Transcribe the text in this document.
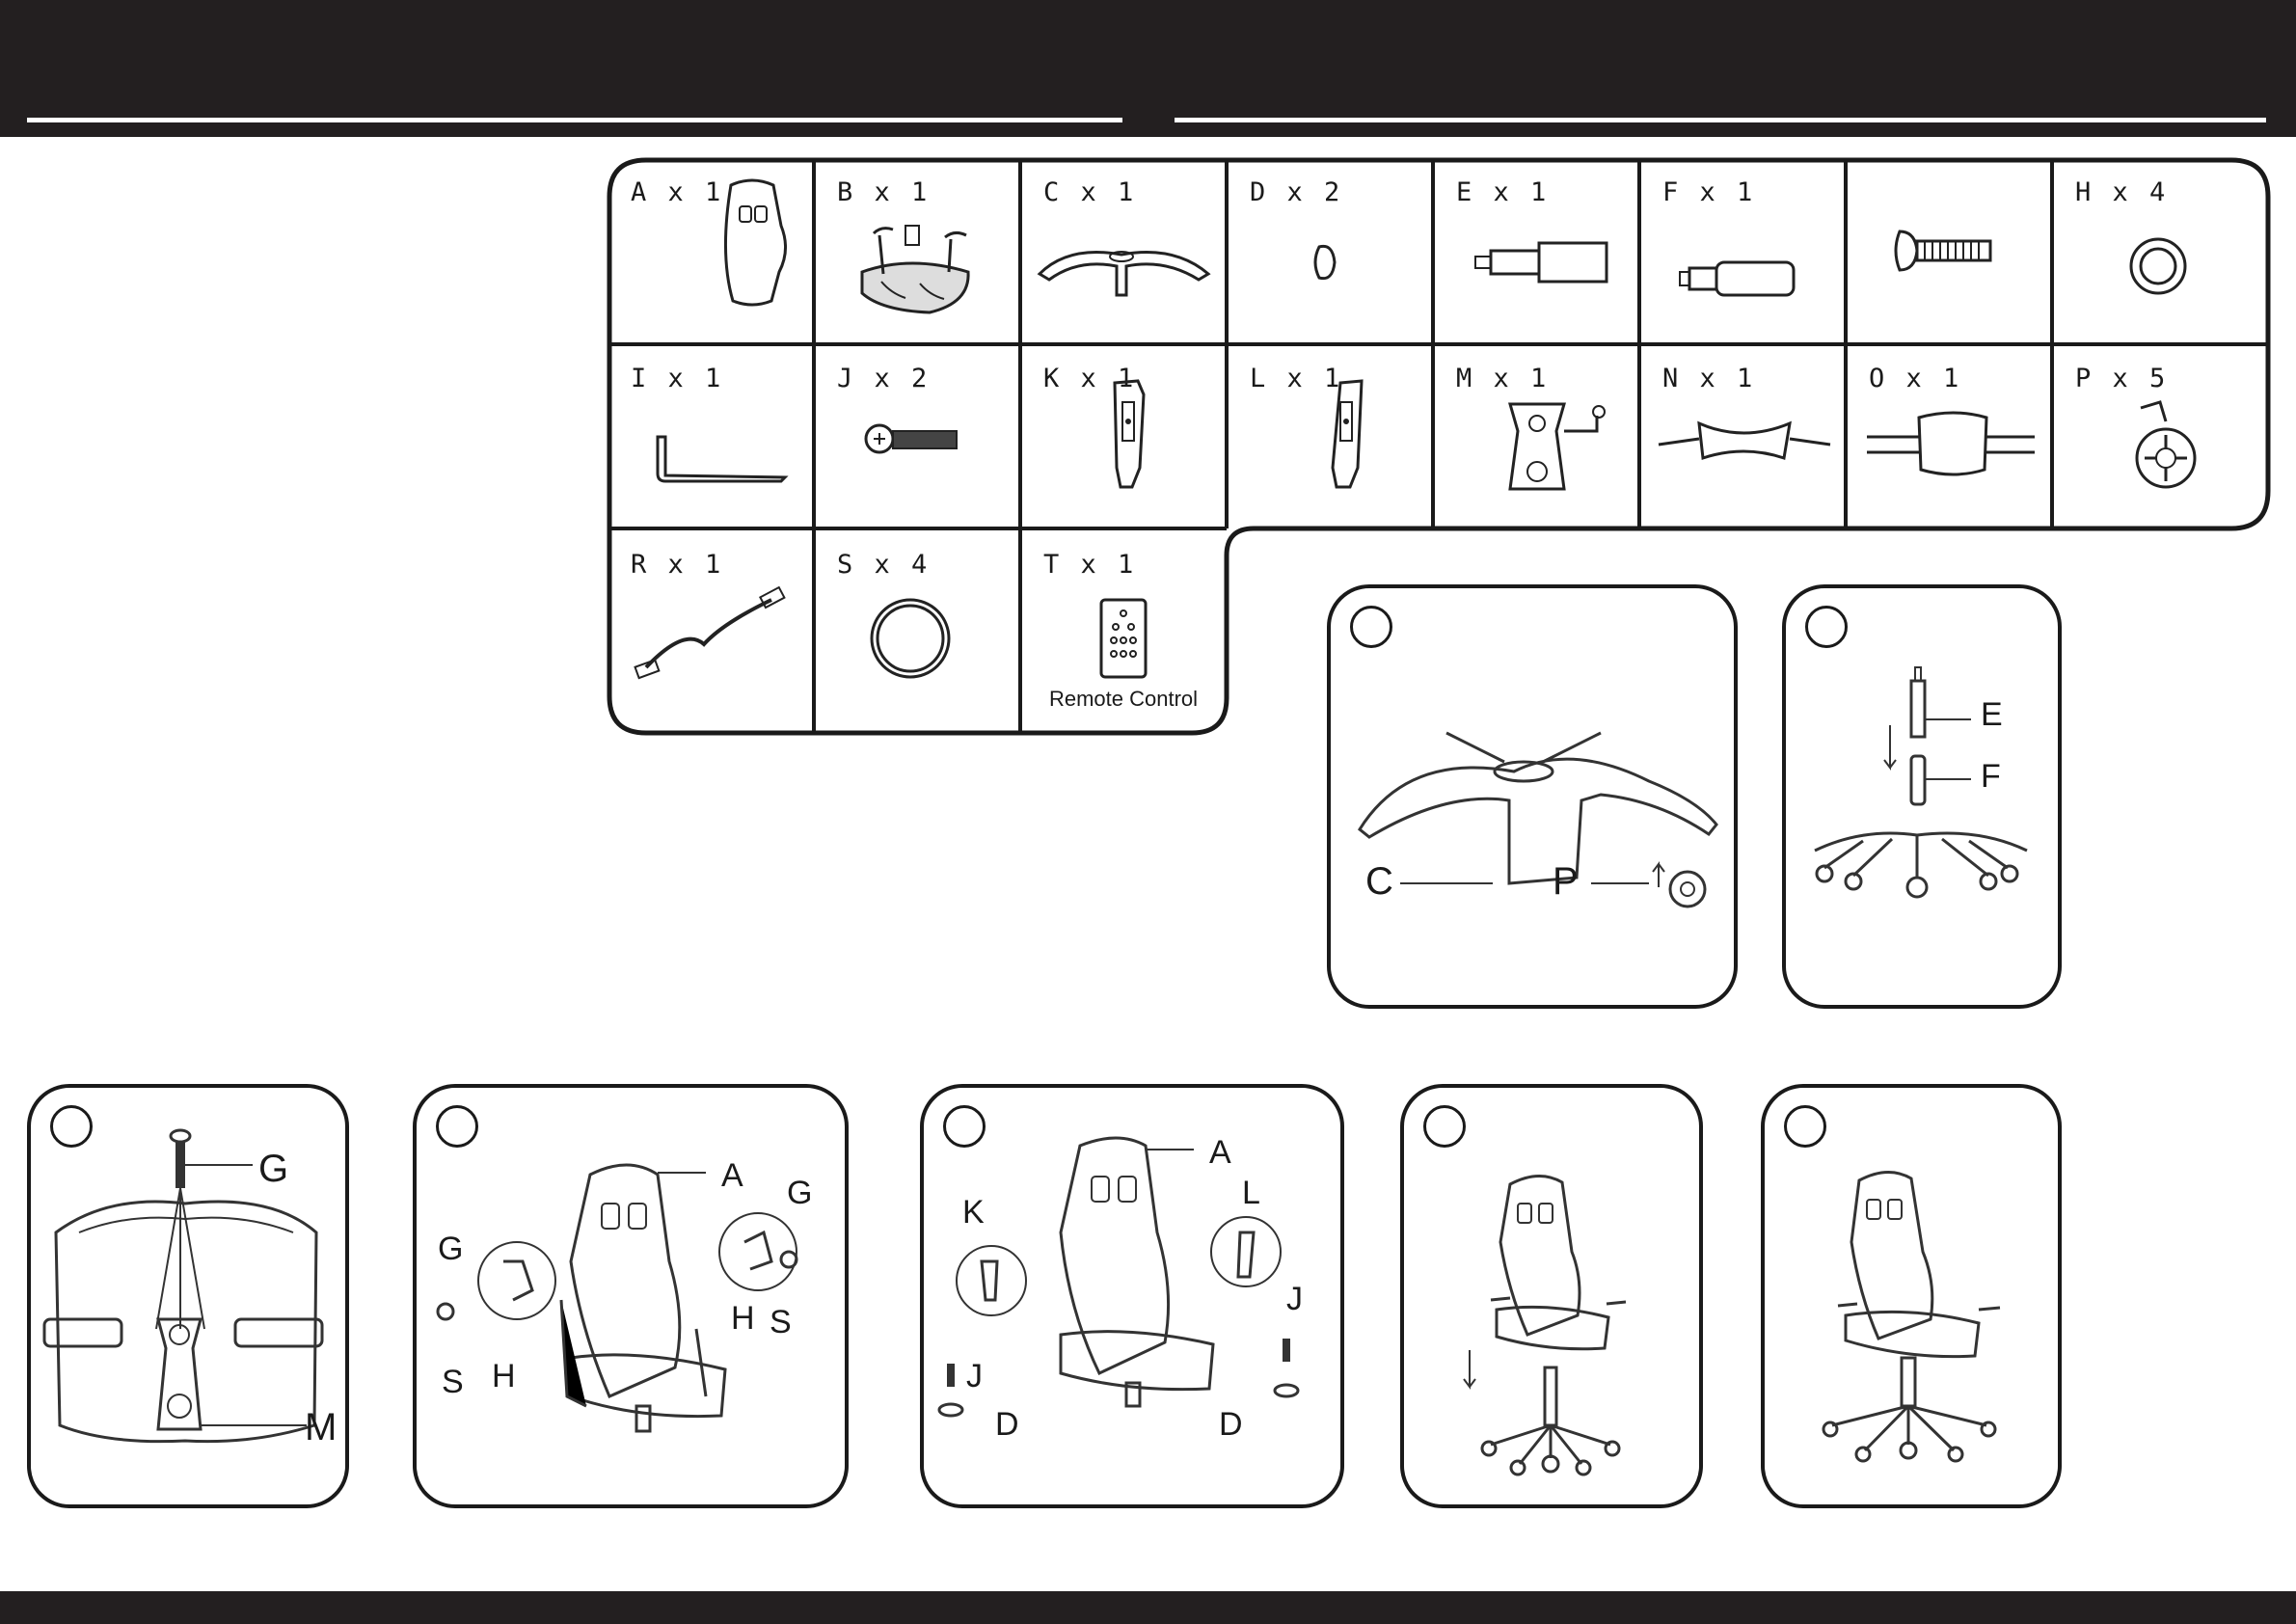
A x 1	B x 1	C x 1	D x 2	E x 1	F x 1	H x 4
I x 1	J x 2	K x 1	L x 1	M x 1	N x 1	O x 1	P x 5
R x 1	S x 4	T x 1
Remote Control
C	P
E
F
G
M
A
G
G
H
H
S
S
A
K
L
J
J
D	D
